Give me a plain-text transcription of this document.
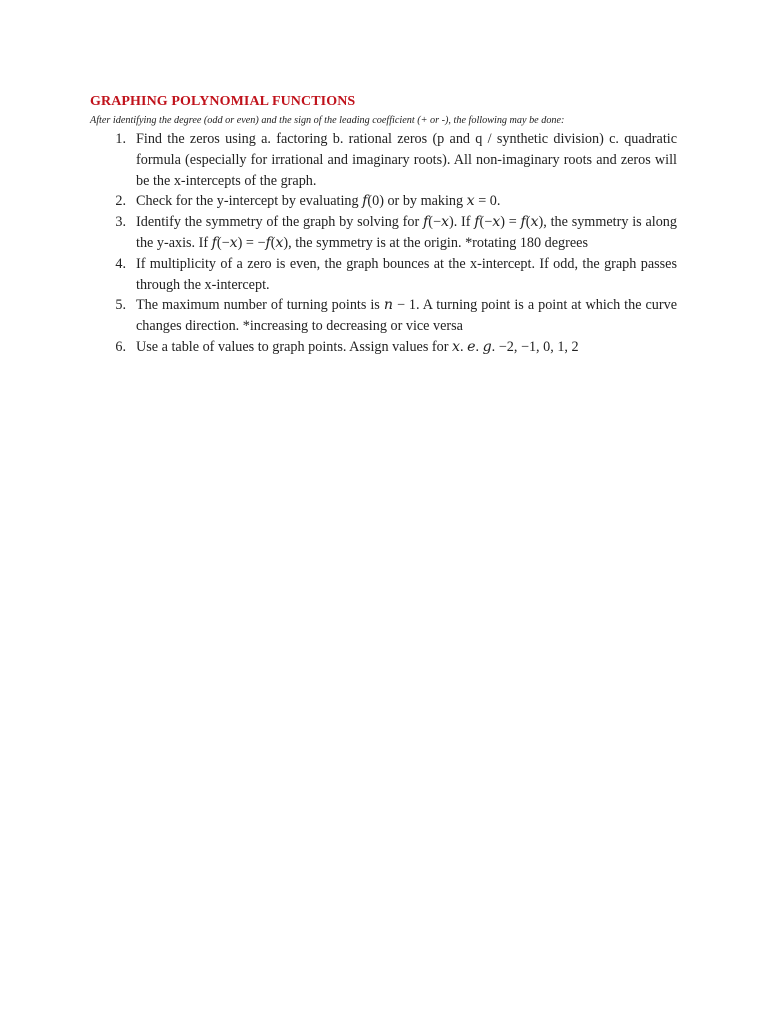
GRAPHING POLYNOMIAL FUNCTIONS
After identifying the degree (odd or even) and the sign of the leading coefficient (+ or -), the following may be done:
1. Find the zeros using a. factoring b. rational zeros (p and q / synthetic division) c. quadratic formula (especially for irrational and imaginary roots). All non-imaginary roots and zeros will be the x-intercepts of the graph.
2. Check for the y-intercept by evaluating 𝑓(0) or by making 𝑥 = 0.
3. Identify the symmetry of the graph by solving for 𝑓(−𝑥). If 𝑓(−𝑥) = 𝑓(𝑥), the symmetry is along the y-axis. If 𝑓(−𝑥) = −𝑓(𝑥), the symmetry is at the origin. *rotating 180 degrees
4. If multiplicity of a zero is even, the graph bounces at the x-intercept. If odd, the graph passes through the x-intercept.
5. The maximum number of turning points is 𝑛 − 1. A turning point is a point at which the curve changes direction. *increasing to decreasing or vice versa
6. Use a table of values to graph points. Assign values for 𝑥. 𝑒. 𝑔. −2, −1, 0, 1, 2
